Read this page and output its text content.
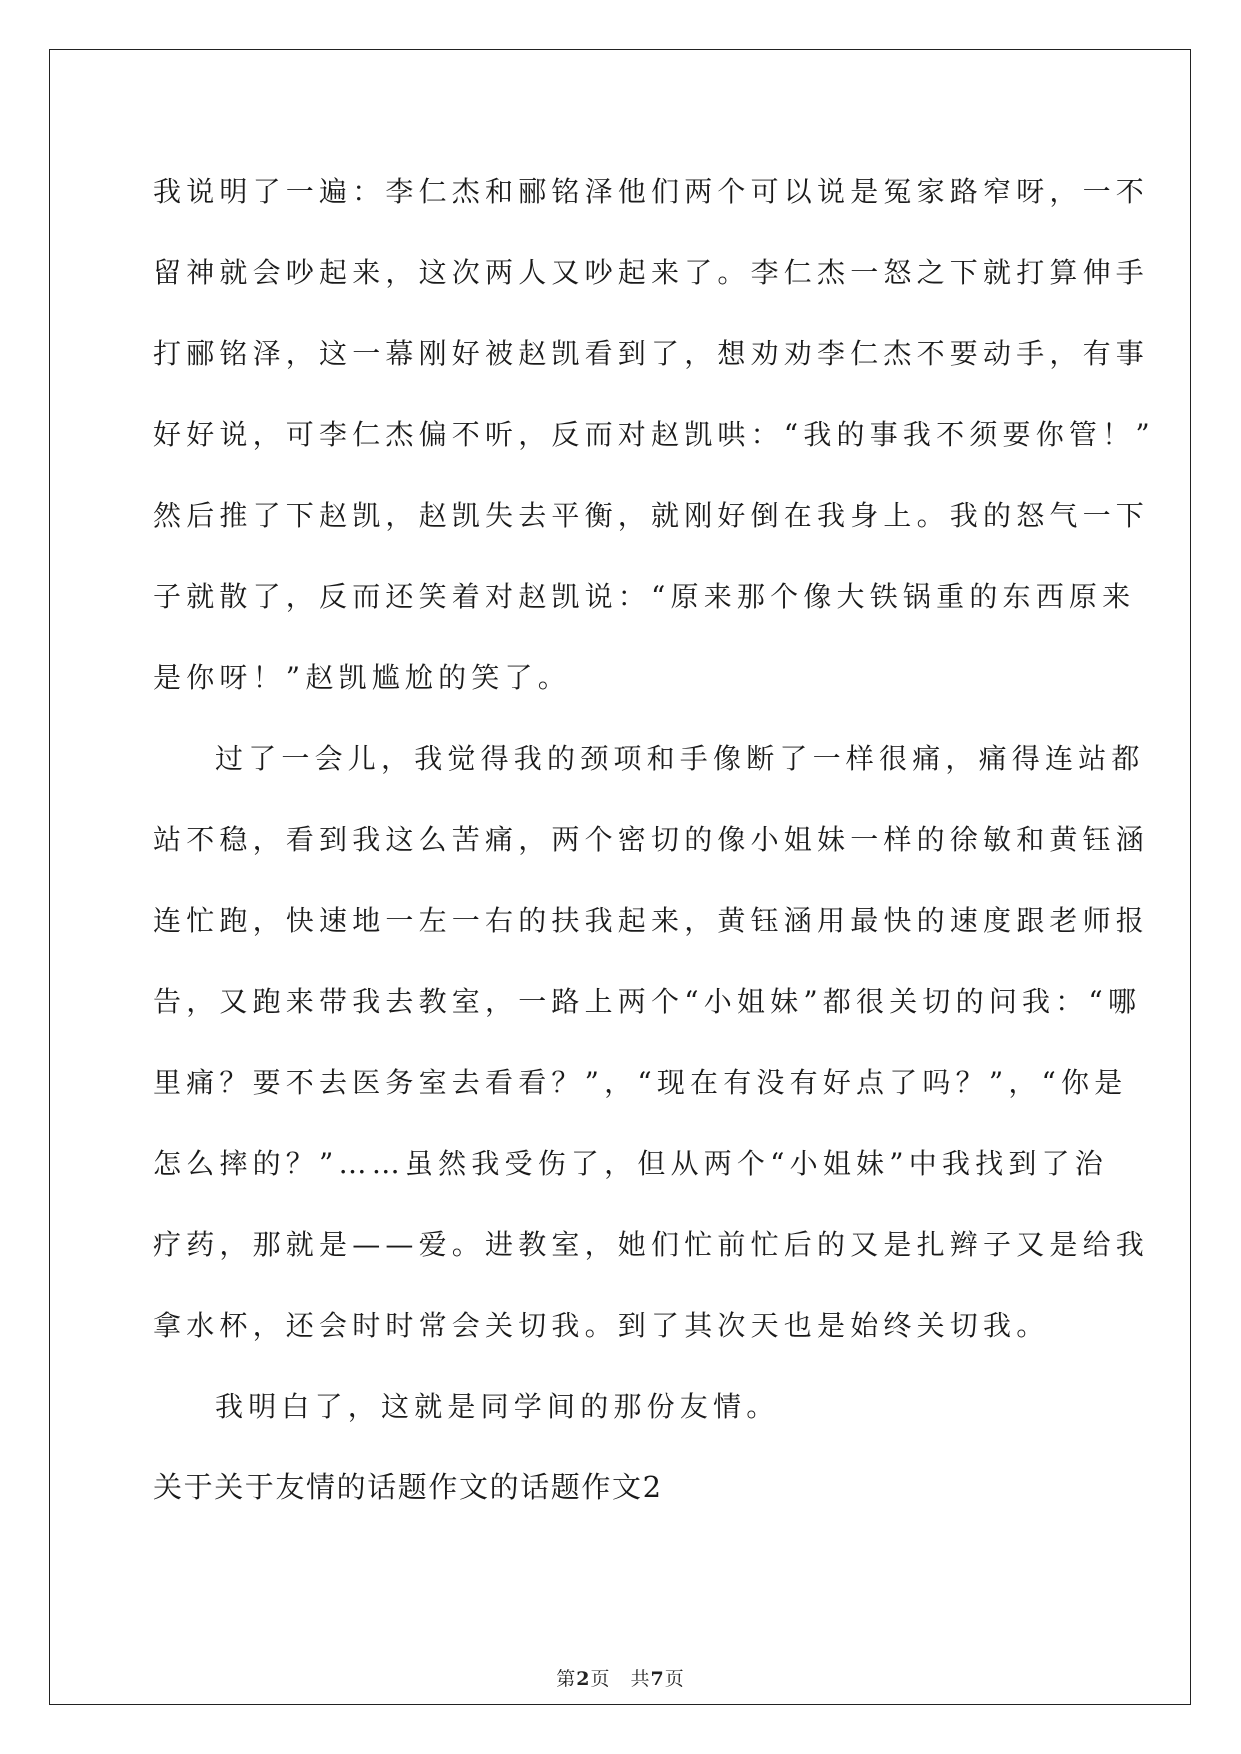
我说明了一遍：李仁杰和郦铭泽他们两个可以说是冤家路窄呀，一不
留神就会吵起来，这次两人又吵起来了。李仁杰一怒之下就打算伸手
打郦铭泽，这一幕刚好被赵凯看到了，想劝劝李仁杰不要动手，有事
好好说，可李仁杰偏不听，反而对赵凯哄：“我的事我不须要你管！”
然后推了下赵凯，赵凯失去平衡，就刚好倒在我身上。我的怒气一下
子就散了，反而还笑着对赵凯说：“原来那个像大铁锅重的东西原来
是你呀！”赵凯尴尬的笑了。
过了一会儿，我觉得我的颈项和手像断了一样很痛，痛得连站都
站不稳，看到我这么苦痛，两个密切的像小姐妹一样的徐敏和黄钰涵
连忙跑，快速地一左一右的扶我起来，黄钰涵用最快的速度跟老师报
告，又跑来带我去教室，一路上两个“小姐妹”都很关切的问我：“哪
里痛？要不去医务室去看看？”，“现在有没有好点了吗？”，“你是
怎么摔的？”……虽然我受伤了，但从两个“小姐妹”中我找到了治
疗药，那就是——爱。进教室，她们忙前忙后的又是扎辫子又是给我
拿水杯，还会时时常会关切我。到了其次天也是始终关切我。
我明白了，这就是同学间的那份友情。
关于关于友情的话题作文的话题作文2
第2页　共7页
